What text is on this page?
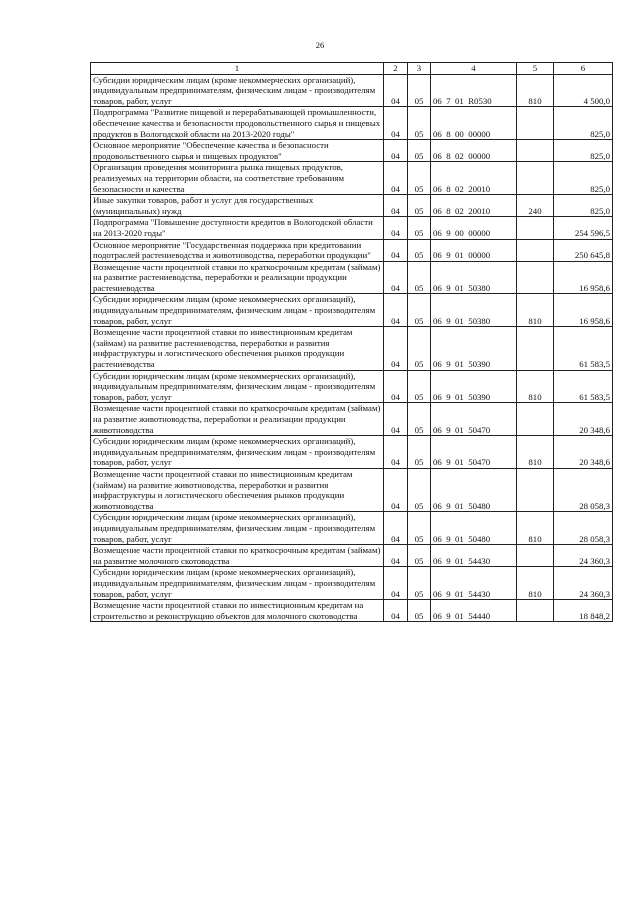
26
1	2	3	4	5	6
Субсидии юридическим лицам (кроме некоммерческих организаций), индивидуальным предпринимателям, физическим лицам - производителям товаров, работ, услуг	04	05	06  7  01  R0530	810	4 500,0
Подпрограмма "Развитие пищевой и перерабатывающей промышленности, обеспечение качества и безопасности продовольственного сырья и пищевых продуктов в Вологодской области на 2013-2020 годы"	04	05	06  8  00  00000		825,0
Основное мероприятие "Обеспечение качества и безопасности продовольственного сырья и пищевых продуктов"	04	05	06  8  02  00000		825,0
Организация проведения мониторинга рынка пищевых продуктов, реализуемых на территории области, на соответствие требованиям безопасности и качества	04	05	06  8  02  20010		825,0
Иные закупки товаров, работ и услуг для государственных (муниципальных) нужд	04	05	06  8  02  20010	240	825,0
Подпрограмма "Повышение доступности кредитов в Вологодской области на 2013-2020 годы"	04	05	06  9  00  00000		254 596,5
Основное мероприятие "Государственная поддержка при кредитовании подотраслей растениеводства и животноводства, переработки продукции"	04	05	06  9  01  00000		250 645,8
Возмещение части процентной ставки по краткосрочным кредитам (займам) на развитие растениеводства, переработки и реализации продукции растениеводства	04	05	06  9  01  50380		16 958,6
Субсидии юридическим лицам (кроме некоммерческих организаций), индивидуальным предпринимателям, физическим лицам - производителям товаров, работ, услуг	04	05	06  9  01  50380	810	16 958,6
Возмещение части процентной ставки по инвестиционным кредитам (займам) на развитие растениеводства, переработки и развития инфраструктуры и логистического обеспечения рынков продукции растениеводства	04	05	06  9  01  50390		61 583,5
Субсидии юридическим лицам (кроме некоммерческих организаций), индивидуальным предпринимателям, физическим лицам - производителям товаров, работ, услуг	04	05	06  9  01  50390	810	61 583,5
Возмещение части процентной ставки по краткосрочным кредитам (займам) на развитие животноводства, переработки и реализации продукции животноводства	04	05	06  9  01  50470		20 348,6
Субсидии юридическим лицам (кроме некоммерческих организаций), индивидуальным предпринимателям, физическим лицам - производителям товаров, работ, услуг	04	05	06  9  01  50470	810	20 348,6
Возмещение части процентной ставки по инвестиционным кредитам (займам) на развитие животноводства, переработки и развития инфраструктуры и логистического обеспечения рынков продукции животноводства	04	05	06  9  01  50480		28 058,3
Субсидии юридическим лицам (кроме некоммерческих организаций), индивидуальным предпринимателям, физическим лицам - производителям товаров, работ, услуг	04	05	06  9  01  50480	810	28 058,3
Возмещение части процентной ставки по краткосрочным кредитам (займам) на развитие молочного скотоводства	04	05	06  9  01  54430		24 360,3
Субсидии юридическим лицам (кроме некоммерческих организаций), индивидуальным предпринимателям, физическим лицам - производителям товаров, работ, услуг	04	05	06  9  01  54430	810	24 360,3
Возмещение части процентной ставки по инвестиционным кредитам на строительство и реконструкцию объектов для молочного скотоводства	04	05	06  9  01  54440		18 848,2
